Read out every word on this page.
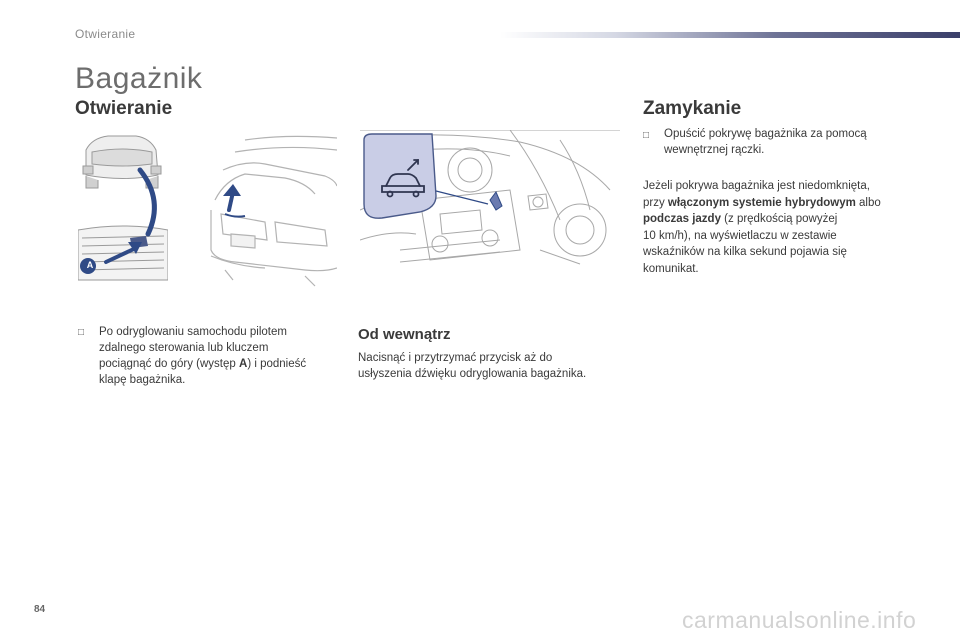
Otwieranie
Bagażnik
Otwieranie
A
□ Po odryglowaniu samochodu pilotem
zdalnego sterowania lub kluczem
pociągnąć do góry (występ A) i podnieść
klapę bagażnika.
Od wewnątrz
Nacisnąć i przytrzymać przycisk aż do
usłyszenia dźwięku odryglowania bagażnika.
Zamykanie
□ Opuścić pokrywę bagażnika za pomocą
wewnętrznej rączki.
Jeżeli pokrywa bagażnika jest niedomknięta,
przy włączonym systemie hybrydowym albo
podczas jazdy (z prędkością powyżej
10 km/h), na wyświetlaczu w zestawie
wskaźników na kilka sekund pojawia się
komunikat.
84	carmanualsonline.info
